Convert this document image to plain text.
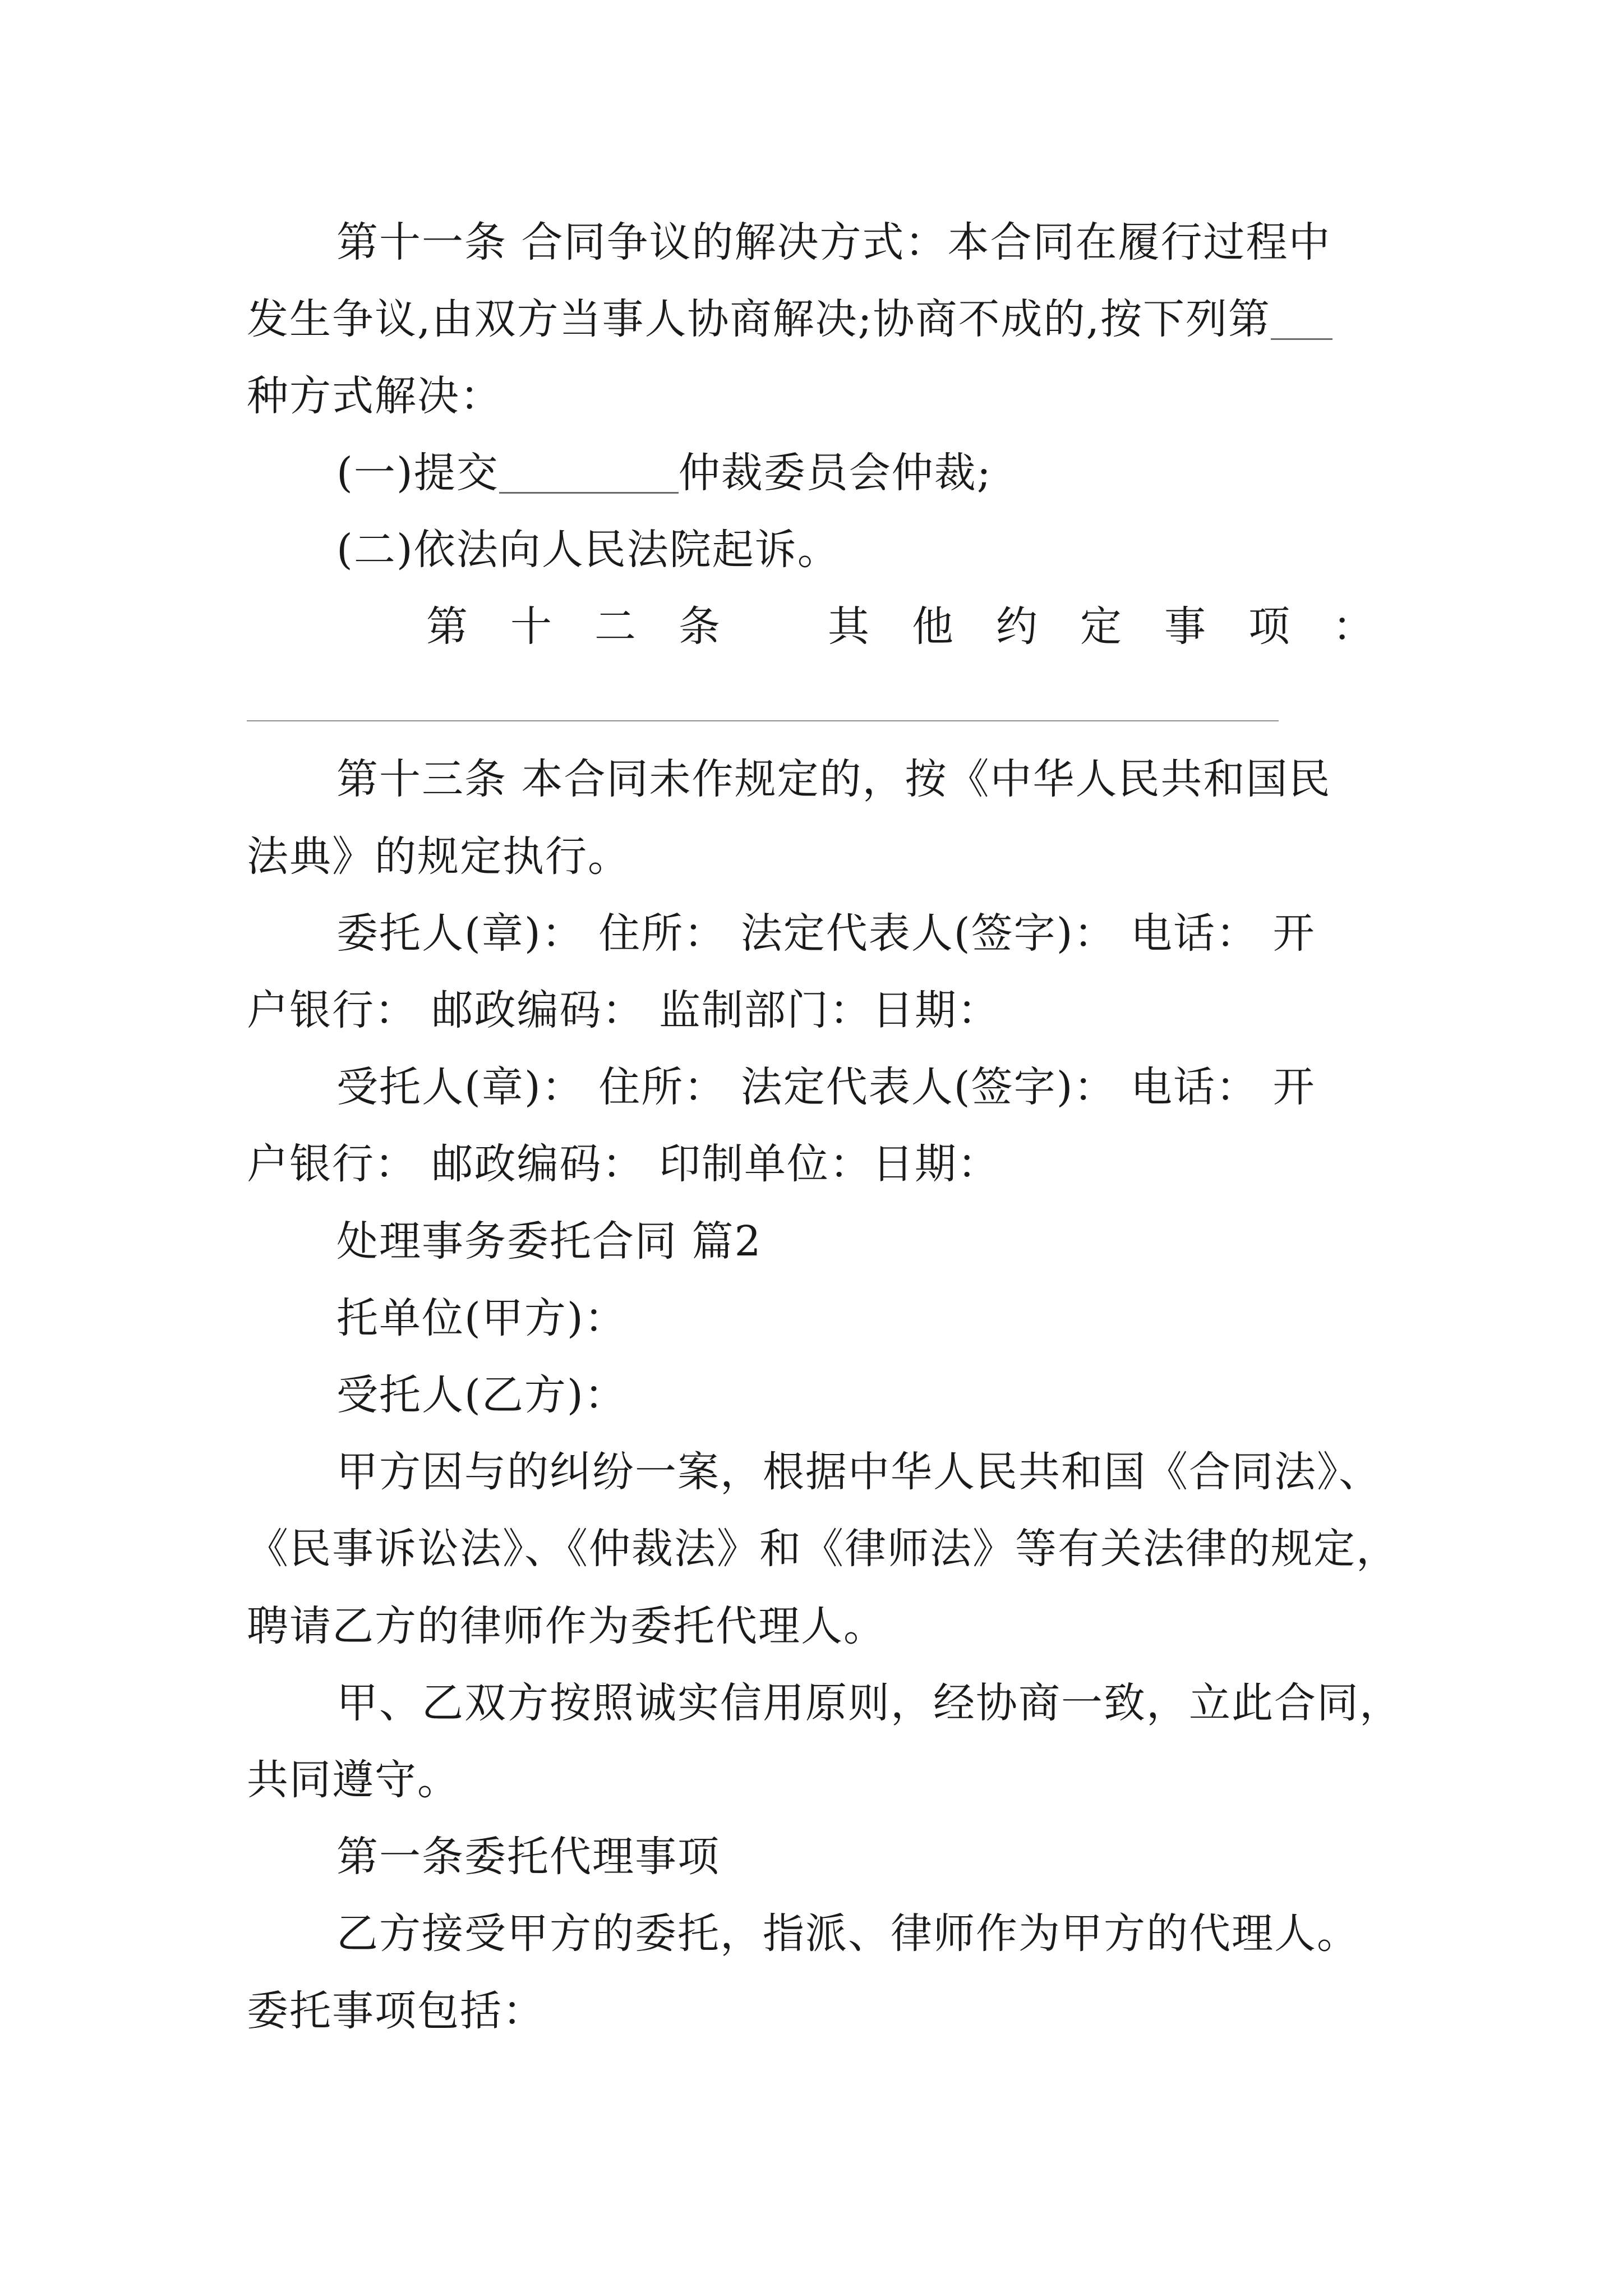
第十一条 合同争议的解决方式：本合同在履行过程中
发生争议,由双方当事人协商解决;协商不成的,按下列第
种方式解决：
(一)提交	仲裁委员会仲裁;
(二)依法向人民法院起诉。
第 十 二 条	其 他 约 定 事 项 ：
第十三条 本合同未作规定的，按《中华人民共和国民
法典》的规定执行。
委托人(章)： 住所： 法定代表人(签字)： 电话： 开
户银行： 邮政编码： 监制部门：日期：
受托人(章)： 住所： 法定代表人(签字)： 电话： 开
户银行： 邮政编码： 印制单位：日期：
处理事务委托合同 篇2
托单位(甲方)：
受托人(乙方)：
甲方因与的纠纷一案，根据中华人民共和国《合同法》、
《民事诉讼法》、《仲裁法》和《律师法》等有关法律的规定，
聘请乙方的律师作为委托代理人。
甲、乙双方按照诚实信用原则，经协商一致，立此合同，
共同遵守。
第一条委托代理事项
乙方接受甲方的委托，指派、律师作为甲方的代理人。
委托事项包括：
